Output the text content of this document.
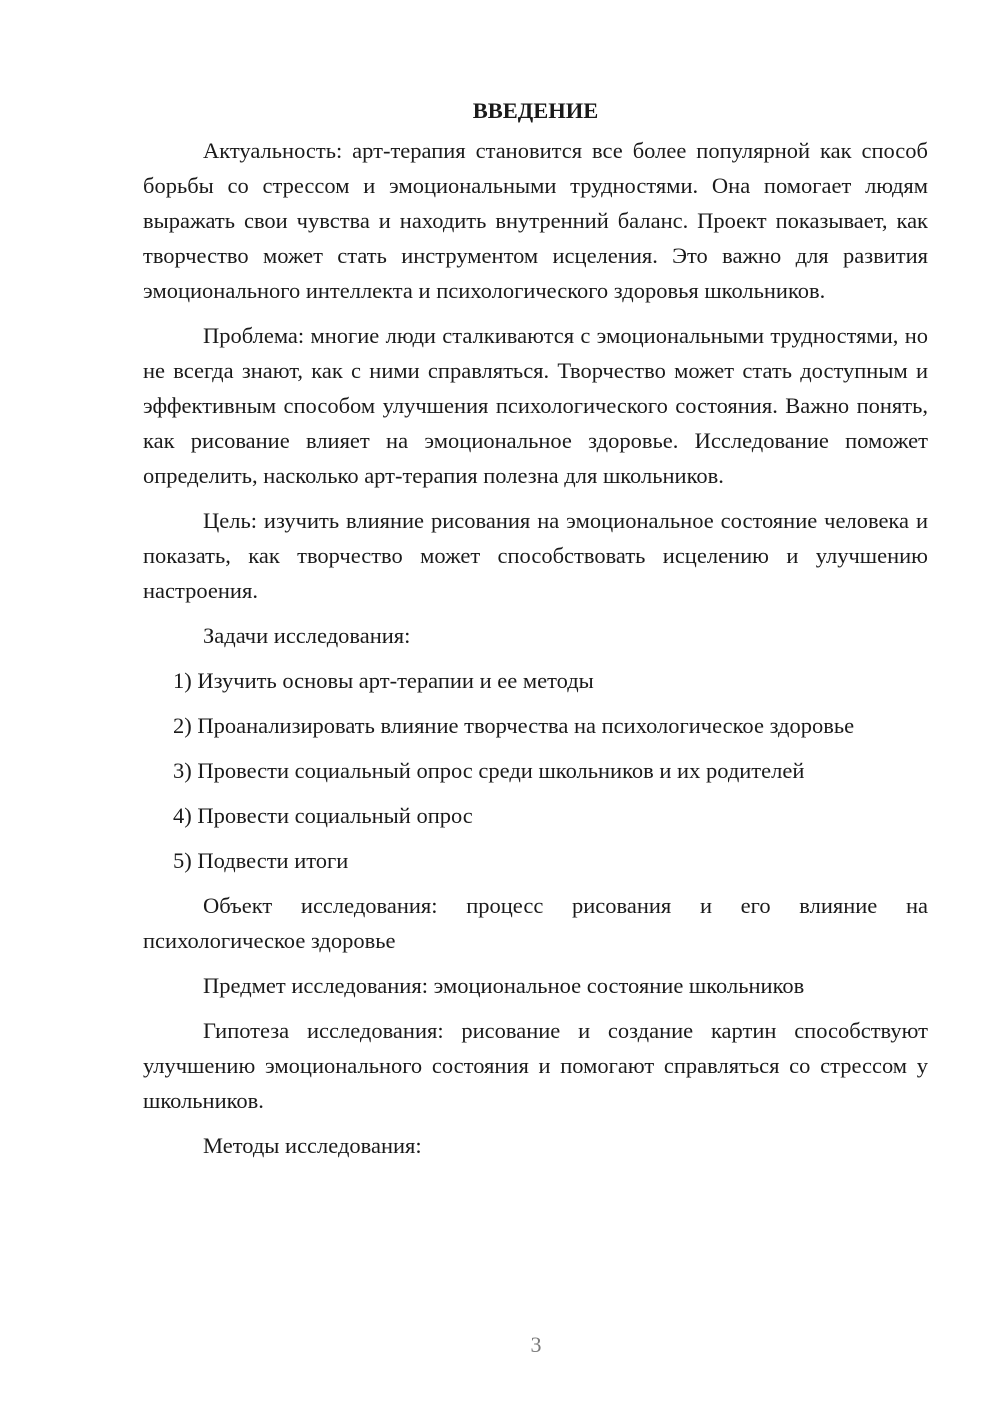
ВВЕДЕНИЕ

Актуальность: арт-терапия становится все более популярной как способ борьбы со стрессом и эмоциональными трудностями. Она помогает людям выражать свои чувства и находить внутренний баланс. Проект показывает, как творчество может стать инструментом исцеления. Это важно для развития эмоционального интеллекта и психологического здоровья школьников.

Проблема: многие люди сталкиваются с эмоциональными трудностями, но не всегда знают, как с ними справляться. Творчество может стать доступным и эффективным способом улучшения психологического состояния. Важно понять, как рисование влияет на эмоциональное здоровье. Исследование поможет определить, насколько арт-терапия полезна для школьников.

Цель: изучить влияние рисования на эмоциональное состояние человека и показать, как творчество может способствовать исцелению и улучшению настроения.

Задачи исследования:

1) Изучить основы арт-терапии и ее методы

2) Проанализировать влияние творчества на психологическое здоровье

3) Провести социальный опрос среди школьников и их родителей

4) Провести социальный опрос

5) Подвести итоги

Объект исследования: процесс рисования и его влияние на психологическое здоровье

Предмет исследования: эмоциональное состояние школьников

Гипотеза исследования: рисование и создание картин способствуют улучшению эмоционального состояния и помогают справляться со стрессом у школьников.

Методы исследования:

3
